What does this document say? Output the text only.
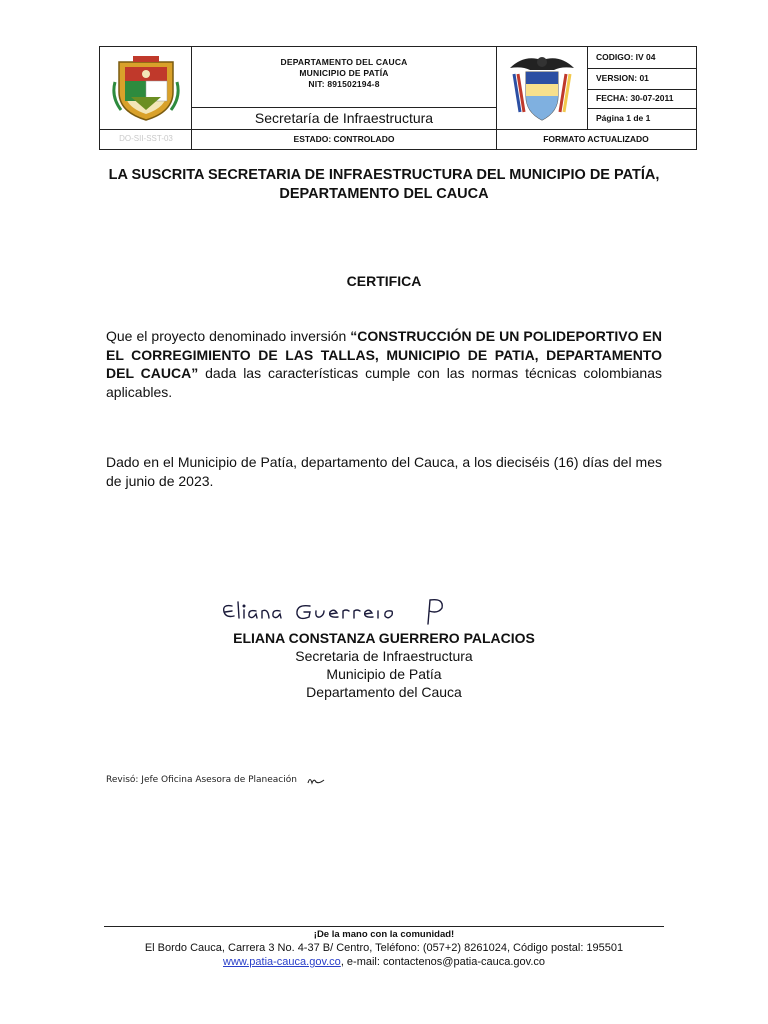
DEPARTAMENTO DEL CAUCA
MUNICIPIO DE PATÍA
NIT: 891502194-8
Secretaría de Infraestructura
CODIGO: IV 04
VERSION: 01
FECHA: 30-07-2011
Página 1 de 1
DO-SII-SST-03	ESTADO: CONTROLADO	FORMATO ACTUALIZADO
LA SUSCRITA SECRETARIA DE INFRAESTRUCTURA DEL MUNICIPIO DE PATÍA, DEPARTAMENTO DEL CAUCA
CERTIFICA
Que el proyecto denominado inversión “CONSTRUCCIÓN DE UN POLIDEPORTIVO EN EL CORREGIMIENTO DE LAS TALLAS, MUNICIPIO DE PATIA, DEPARTAMENTO DEL CAUCA” dada las características cumple con las normas técnicas colombianas aplicables.
Dado en el Municipio de Patía, departamento del Cauca, a los dieciséis (16) días del mes de junio de 2023.
ELIANA CONSTANZA GUERRERO PALACIOS
Secretaria de Infraestructura
Municipio de Patía
Departamento del Cauca
Revisó: Jefe Oficina Asesora de Planeación
¡De la mano con la comunidad!
El Bordo Cauca, Carrera 3 No. 4-37 B/ Centro, Teléfono: (057+2) 8261024, Código postal: 195501
www.patia-cauca.gov.co, e-mail: contactenos@patia-cauca.gov.co
